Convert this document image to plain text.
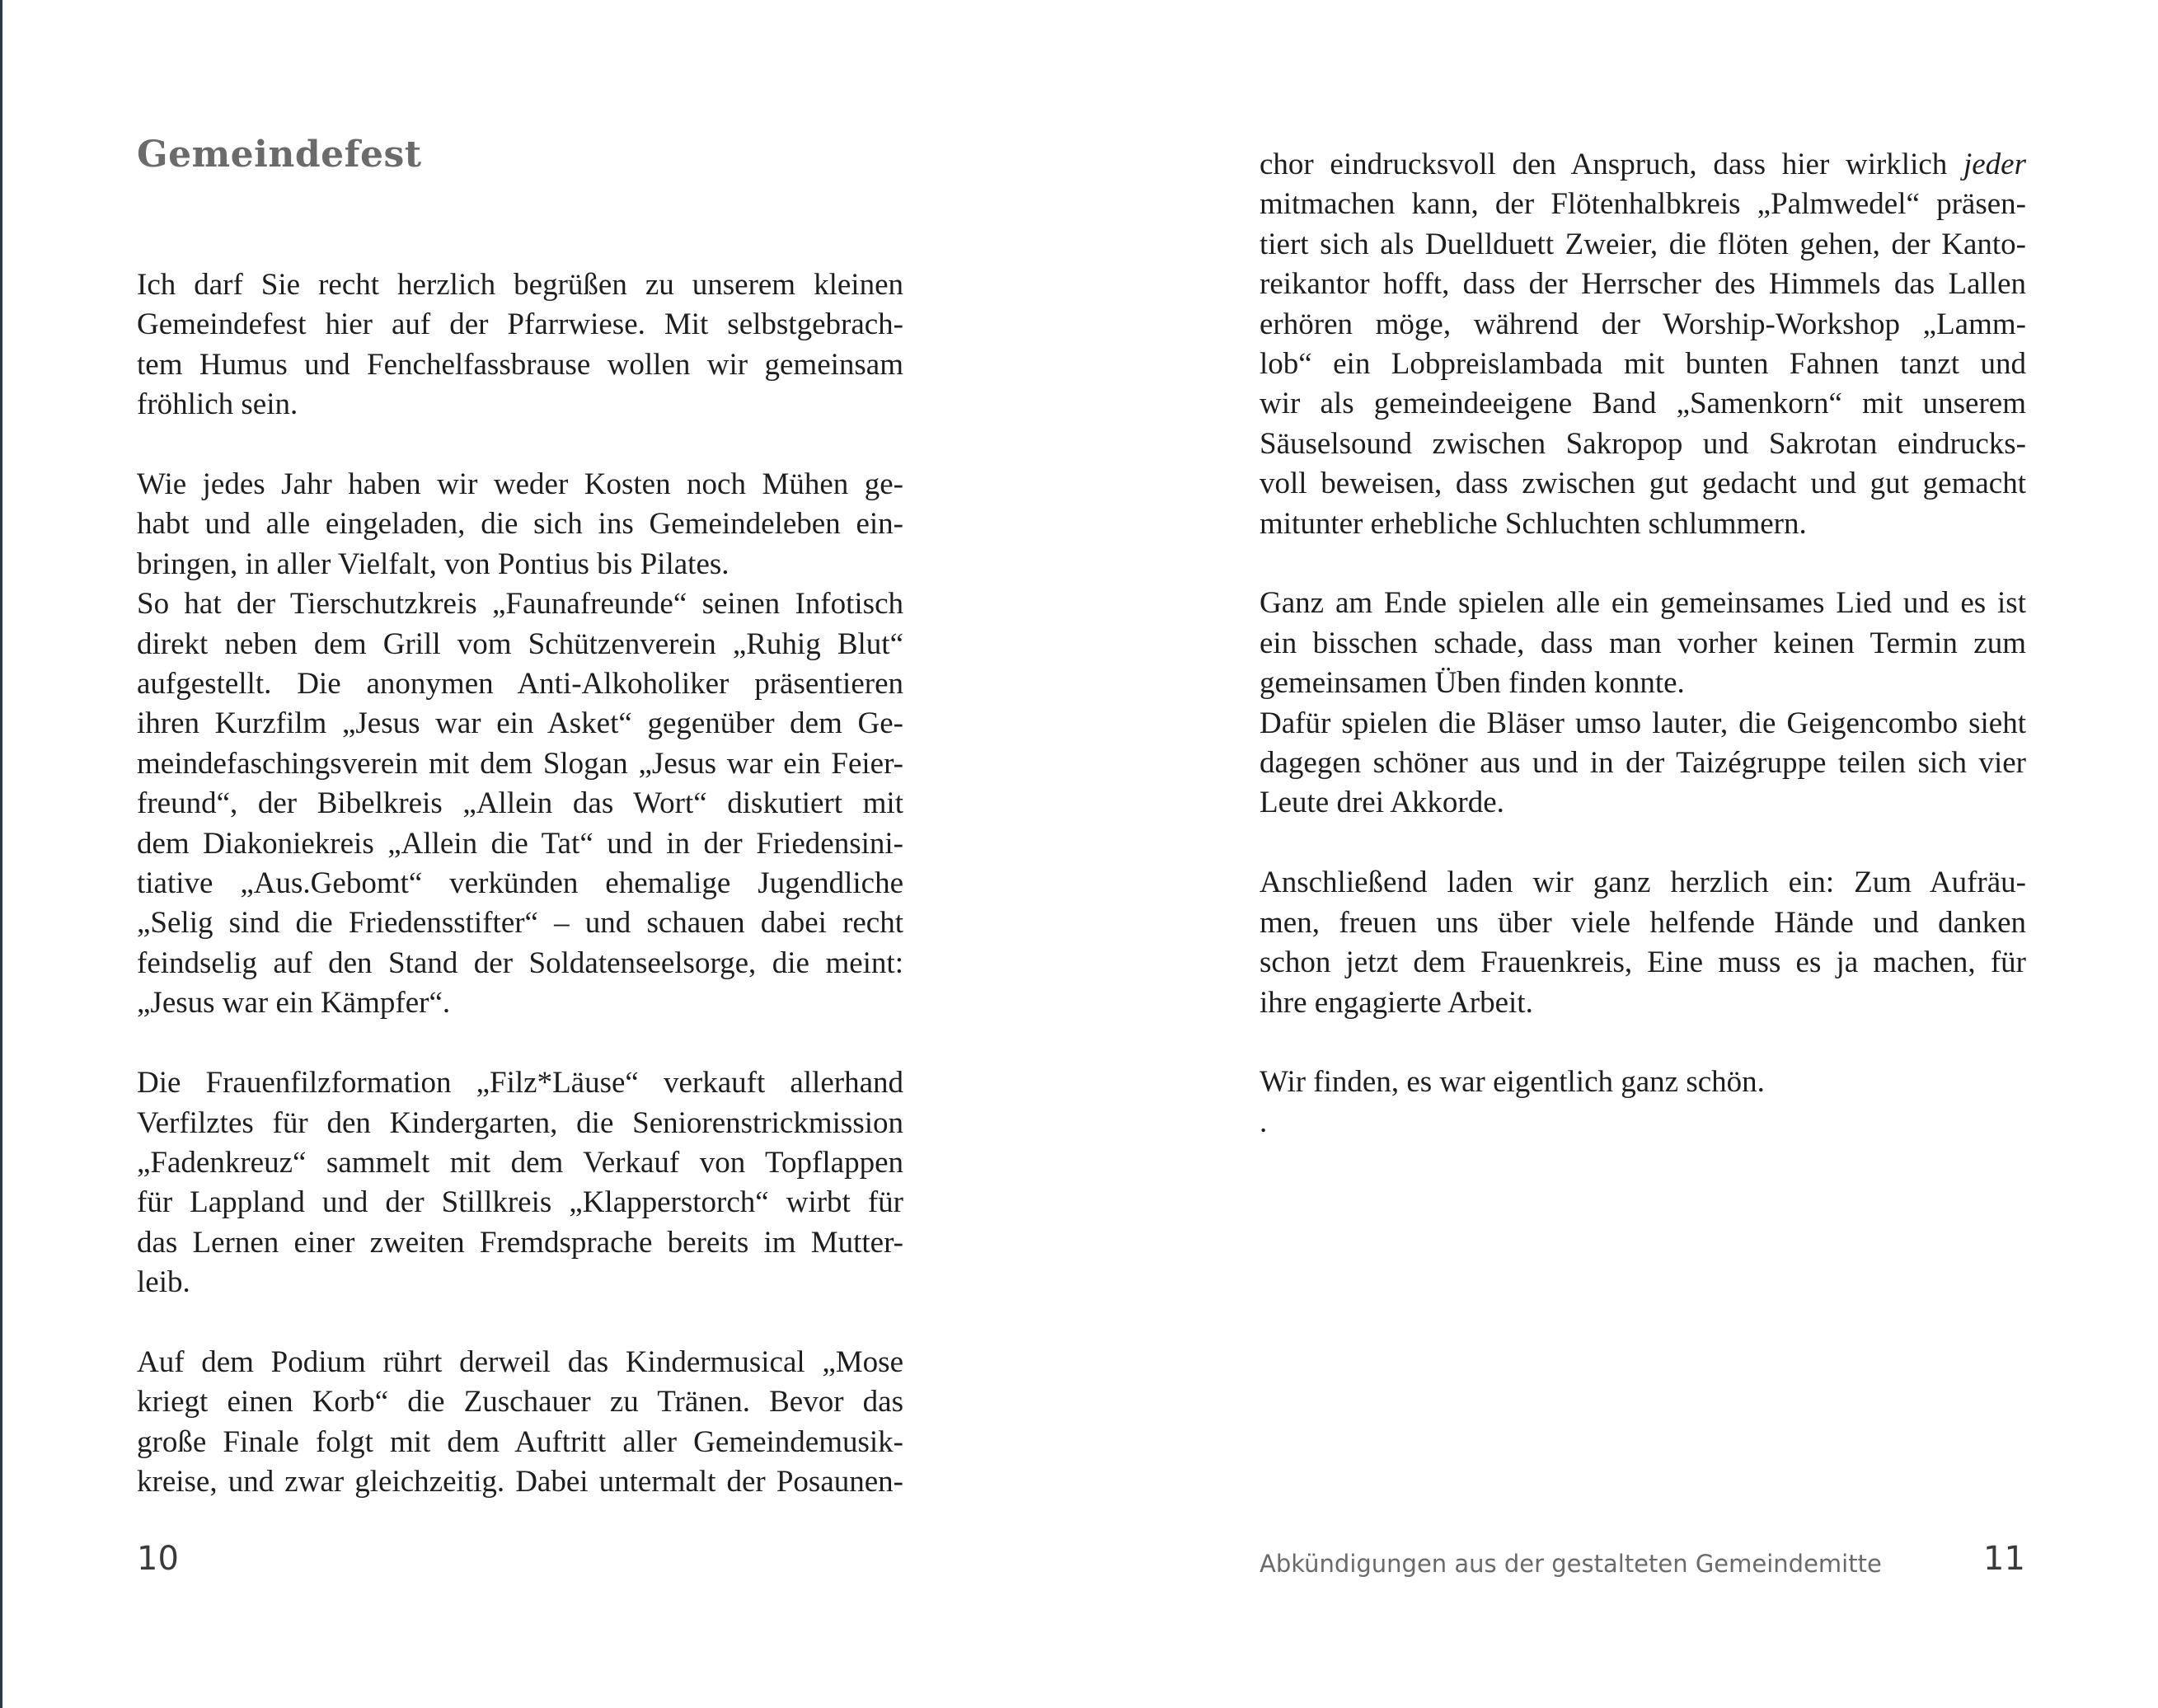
Gemeindefest

Ich darf Sie recht herzlich begrüßen zu unserem kleinen
Gemeindefest hier auf der Pfarrwiese. Mit selbstgebrach-
tem Humus und Fenchelfassbrause wollen wir gemeinsam
fröhlich sein.

Wie jedes Jahr haben wir weder Kosten noch Mühen ge-
habt und alle eingeladen, die sich ins Gemeindeleben ein-
bringen, in aller Vielfalt, von Pontius bis Pilates.

So hat der Tierschutzkreis „Faunafreunde“ seinen Infotisch
direkt neben dem Grill vom Schützenverein „Ruhig Blut“
aufgestellt. Die anonymen Anti-Alkoholiker präsentieren
ihren Kurzfilm „Jesus war ein Asket“ gegenüber dem Ge-
meindefaschingsverein mit dem Slogan „Jesus war ein Feier-
freund“, der Bibelkreis „Allein das Wort“ diskutiert mit
dem Diakoniekreis „Allein die Tat“ und in der Friedensini-
tiative „Aus.Gebomt“ verkünden ehemalige Jugendliche
„Selig sind die Friedensstifter“ – und schauen dabei recht
feindselig auf den Stand der Soldatenseelsorge, die meint:
„Jesus war ein Kämpfer“.

Die Frauenfilzformation „Filz*Läuse“ verkauft allerhand
Verfilztes für den Kindergarten, die Seniorenstrickmission
„Fadenkreuz“ sammelt mit dem Verkauf von Topflappen
für Lappland und der Stillkreis „Klapperstorch“ wirbt für
das Lernen einer zweiten Fremdsprache bereits im Mutter-
leib.

Auf dem Podium rührt derweil das Kindermusical „Mose
kriegt einen Korb“ die Zuschauer zu Tränen. Bevor das
große Finale folgt mit dem Auftritt aller Gemeindemusik-
kreise, und zwar gleichzeitig. Dabei untermalt der Posaunen-

10

chor eindrucksvoll den Anspruch, dass hier wirklich jeder
mitmachen kann, der Flötenhalbkreis „Palmwedel“ präsen-
tiert sich als Duellduett Zweier, die flöten gehen, der Kanto-
reikantor hofft, dass der Herrscher des Himmels das Lallen
erhören möge, während der Worship-Workshop „Lamm-
lob“ ein Lobpreislambada mit bunten Fahnen tanzt und
wir als gemeindeeigene Band „Samenkorn“ mit unserem
Säuselsound zwischen Sakropop und Sakrotan eindrucks-
voll beweisen, dass zwischen gut gedacht und gut gemacht
mitunter erhebliche Schluchten schlummern.

Ganz am Ende spielen alle ein gemeinsames Lied und es ist
ein bisschen schade, dass man vorher keinen Termin zum
gemeinsamen Üben finden konnte.

Dafür spielen die Bläser umso lauter, die Geigencombo sieht
dagegen schöner aus und in der Taizégruppe teilen sich vier
Leute drei Akkorde.

Anschließend laden wir ganz herzlich ein: Zum Aufräu-
men, freuen uns über viele helfende Hände und danken
schon jetzt dem Frauenkreis, Eine muss es ja machen, für
ihre engagierte Arbeit.

Wir finden, es war eigentlich ganz schön.
.

Abkündigungen aus der gestalteten Gemeindemitte	11
